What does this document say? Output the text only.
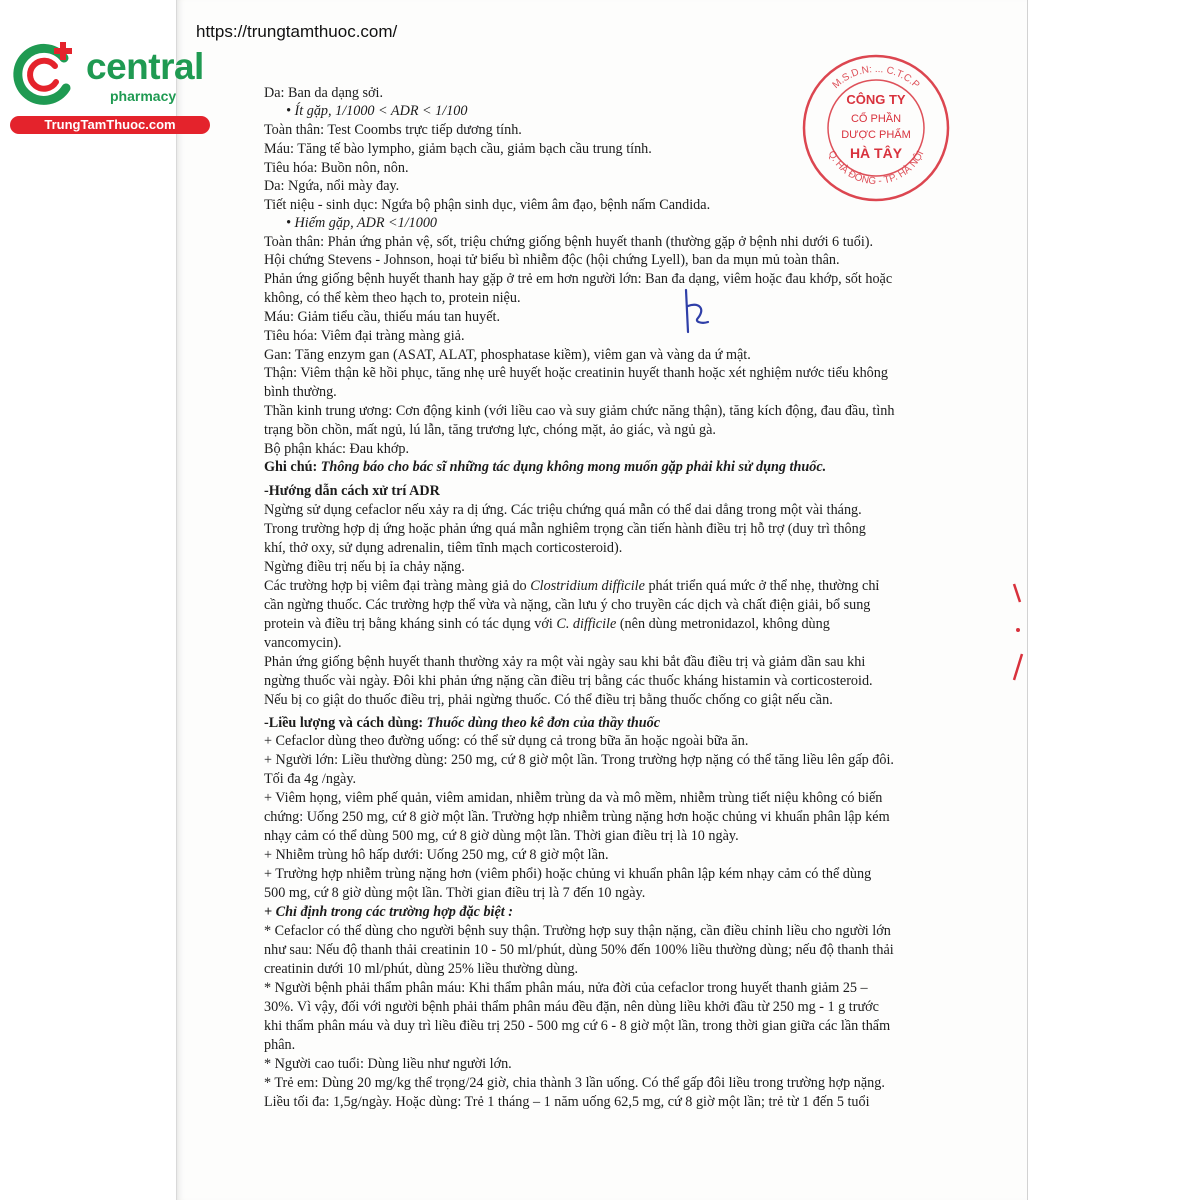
https://trungtamthuoc.com/
central
pharmacy
TrungTamThuoc.com
M.S.D.N: ... C.T.C.P
Q. HÀ ĐÔNG - TP. HÀ NỘI
CÔNG TY
CỔ PHẦN
DƯỢC PHẨM
HÀ TÂY
Da: Ban da dạng sởi.
• Ít gặp, 1/1000 < ADR < 1/100
Toàn thân: Test Coombs trực tiếp dương tính.
Máu: Tăng tế bào lympho, giảm bạch cầu, giảm bạch cầu trung tính.
Tiêu hóa: Buồn nôn, nôn.
Da: Ngứa, nổi mày đay.
Tiết niệu - sinh dục: Ngứa bộ phận sinh dục, viêm âm đạo, bệnh nấm Candida.
• Hiếm gặp, ADR <1/1000
Toàn thân: Phản ứng phản vệ, sốt, triệu chứng giống bệnh huyết thanh (thường gặp ở bệnh nhi dưới 6 tuổi).
Hội chứng Stevens - Johnson, hoại tử biểu bì nhiễm độc (hội chứng Lyell), ban da mụn mủ toàn thân.
Phản ứng giống bệnh huyết thanh hay gặp ở trẻ em hơn người lớn: Ban đa dạng, viêm hoặc đau khớp, sốt hoặc
không, có thể kèm theo hạch to, protein niệu.
Máu: Giảm tiểu cầu, thiếu máu tan huyết.
Tiêu hóa: Viêm đại tràng màng giả.
Gan: Tăng enzym gan (ASAT, ALAT, phosphatase kiềm), viêm gan và vàng da ứ mật.
Thận: Viêm thận kẽ hồi phục, tăng nhẹ urê huyết hoặc creatinin huyết thanh hoặc xét nghiệm nước tiểu không
bình thường.
Thần kinh trung ương: Cơn động kinh (với liều cao và suy giảm chức năng thận), tăng kích động, đau đầu, tình
trạng bồn chồn, mất ngủ, lú lẫn, tăng trương lực, chóng mặt, ảo giác, và ngủ gà.
Bộ phận khác: Đau khớp.
Ghi chú: Thông báo cho bác sĩ những tác dụng không mong muốn gặp phải khi sử dụng thuốc.
-Hướng dẫn cách xử trí ADR
Ngừng sử dụng cefaclor nếu xảy ra dị ứng. Các triệu chứng quá mẫn có thể dai dẳng trong một vài tháng.
Trong trường hợp dị ứng hoặc phản ứng quá mẫn nghiêm trọng cần tiến hành điều trị hỗ trợ (duy trì thông
khí, thở oxy, sử dụng adrenalin, tiêm tĩnh mạch corticosteroid).
Ngừng điều trị nếu bị ỉa chảy nặng.
Các trường hợp bị viêm đại tràng màng giả do Clostridium difficile phát triển quá mức ở thể nhẹ, thường chỉ
cần ngừng thuốc. Các trường hợp thể vừa và nặng, cần lưu ý cho truyền các dịch và chất điện giải, bổ sung
protein và điều trị bằng kháng sinh có tác dụng với C. difficile (nên dùng metronidazol, không dùng
vancomycin).
Phản ứng giống bệnh huyết thanh thường xảy ra một vài ngày sau khi bắt đầu điều trị và giảm dần sau khi
ngừng thuốc vài ngày. Đôi khi phản ứng nặng cần điều trị bằng các thuốc kháng histamin và corticosteroid.
Nếu bị co giật do thuốc điều trị, phải ngừng thuốc. Có thể điều trị bằng thuốc chống co giật nếu cần.
-Liều lượng và cách dùng: Thuốc dùng theo kê đơn của thầy thuốc
+ Cefaclor dùng theo đường uống: có thể sử dụng cả trong bữa ăn hoặc ngoài bữa ăn.
+ Người lớn: Liều thường dùng: 250 mg, cứ 8 giờ một lần. Trong trường hợp nặng có thể tăng liều lên gấp đôi.
Tối đa 4g /ngày.
+ Viêm họng, viêm phế quản, viêm amidan, nhiễm trùng da và mô mềm, nhiễm trùng tiết niệu không có biến
chứng: Uống 250 mg, cứ 8 giờ một lần. Trường hợp nhiễm trùng nặng hơn hoặc chủng vi khuẩn phân lập kém
nhạy cảm có thể dùng 500 mg, cứ 8 giờ dùng một lần. Thời gian điều trị là 10 ngày.
+ Nhiễm trùng hô hấp dưới: Uống 250 mg, cứ 8 giờ một lần.
+ Trường hợp nhiễm trùng nặng hơn (viêm phổi) hoặc chủng vi khuẩn phân lập kém nhạy cảm có thể dùng
500 mg, cứ 8 giờ dùng một lần. Thời gian điều trị là 7 đến 10 ngày.
+ Chỉ định trong các trường hợp đặc biệt :
* Cefaclor có thể dùng cho người bệnh suy thận. Trường hợp suy thận nặng, cần điều chỉnh liều cho người lớn
như sau: Nếu độ thanh thải creatinin 10 - 50 ml/phút, dùng 50% đến 100% liều thường dùng; nếu độ thanh thải
creatinin dưới 10 ml/phút, dùng 25% liều thường dùng.
* Người bệnh phải thẩm phân máu: Khi thẩm phân máu, nửa đời của cefaclor trong huyết thanh giảm 25 –
30%. Vì vậy, đối với người bệnh phải thẩm phân máu đều đặn, nên dùng liều khởi đầu từ 250 mg - 1 g trước
khi thẩm phân máu và duy trì liều điều trị 250 - 500 mg cứ 6 - 8 giờ một lần, trong thời gian giữa các lần thẩm
phân.
* Người cao tuổi: Dùng liều như người lớn.
* Trẻ em: Dùng 20 mg/kg thể trọng/24 giờ, chia thành 3 lần uống. Có thể gấp đôi liều trong trường hợp nặng.
Liều tối đa: 1,5g/ngày. Hoặc dùng: Trẻ 1 tháng – 1 năm uống 62,5 mg, cứ 8 giờ một lần; trẻ từ 1 đến 5 tuổi
